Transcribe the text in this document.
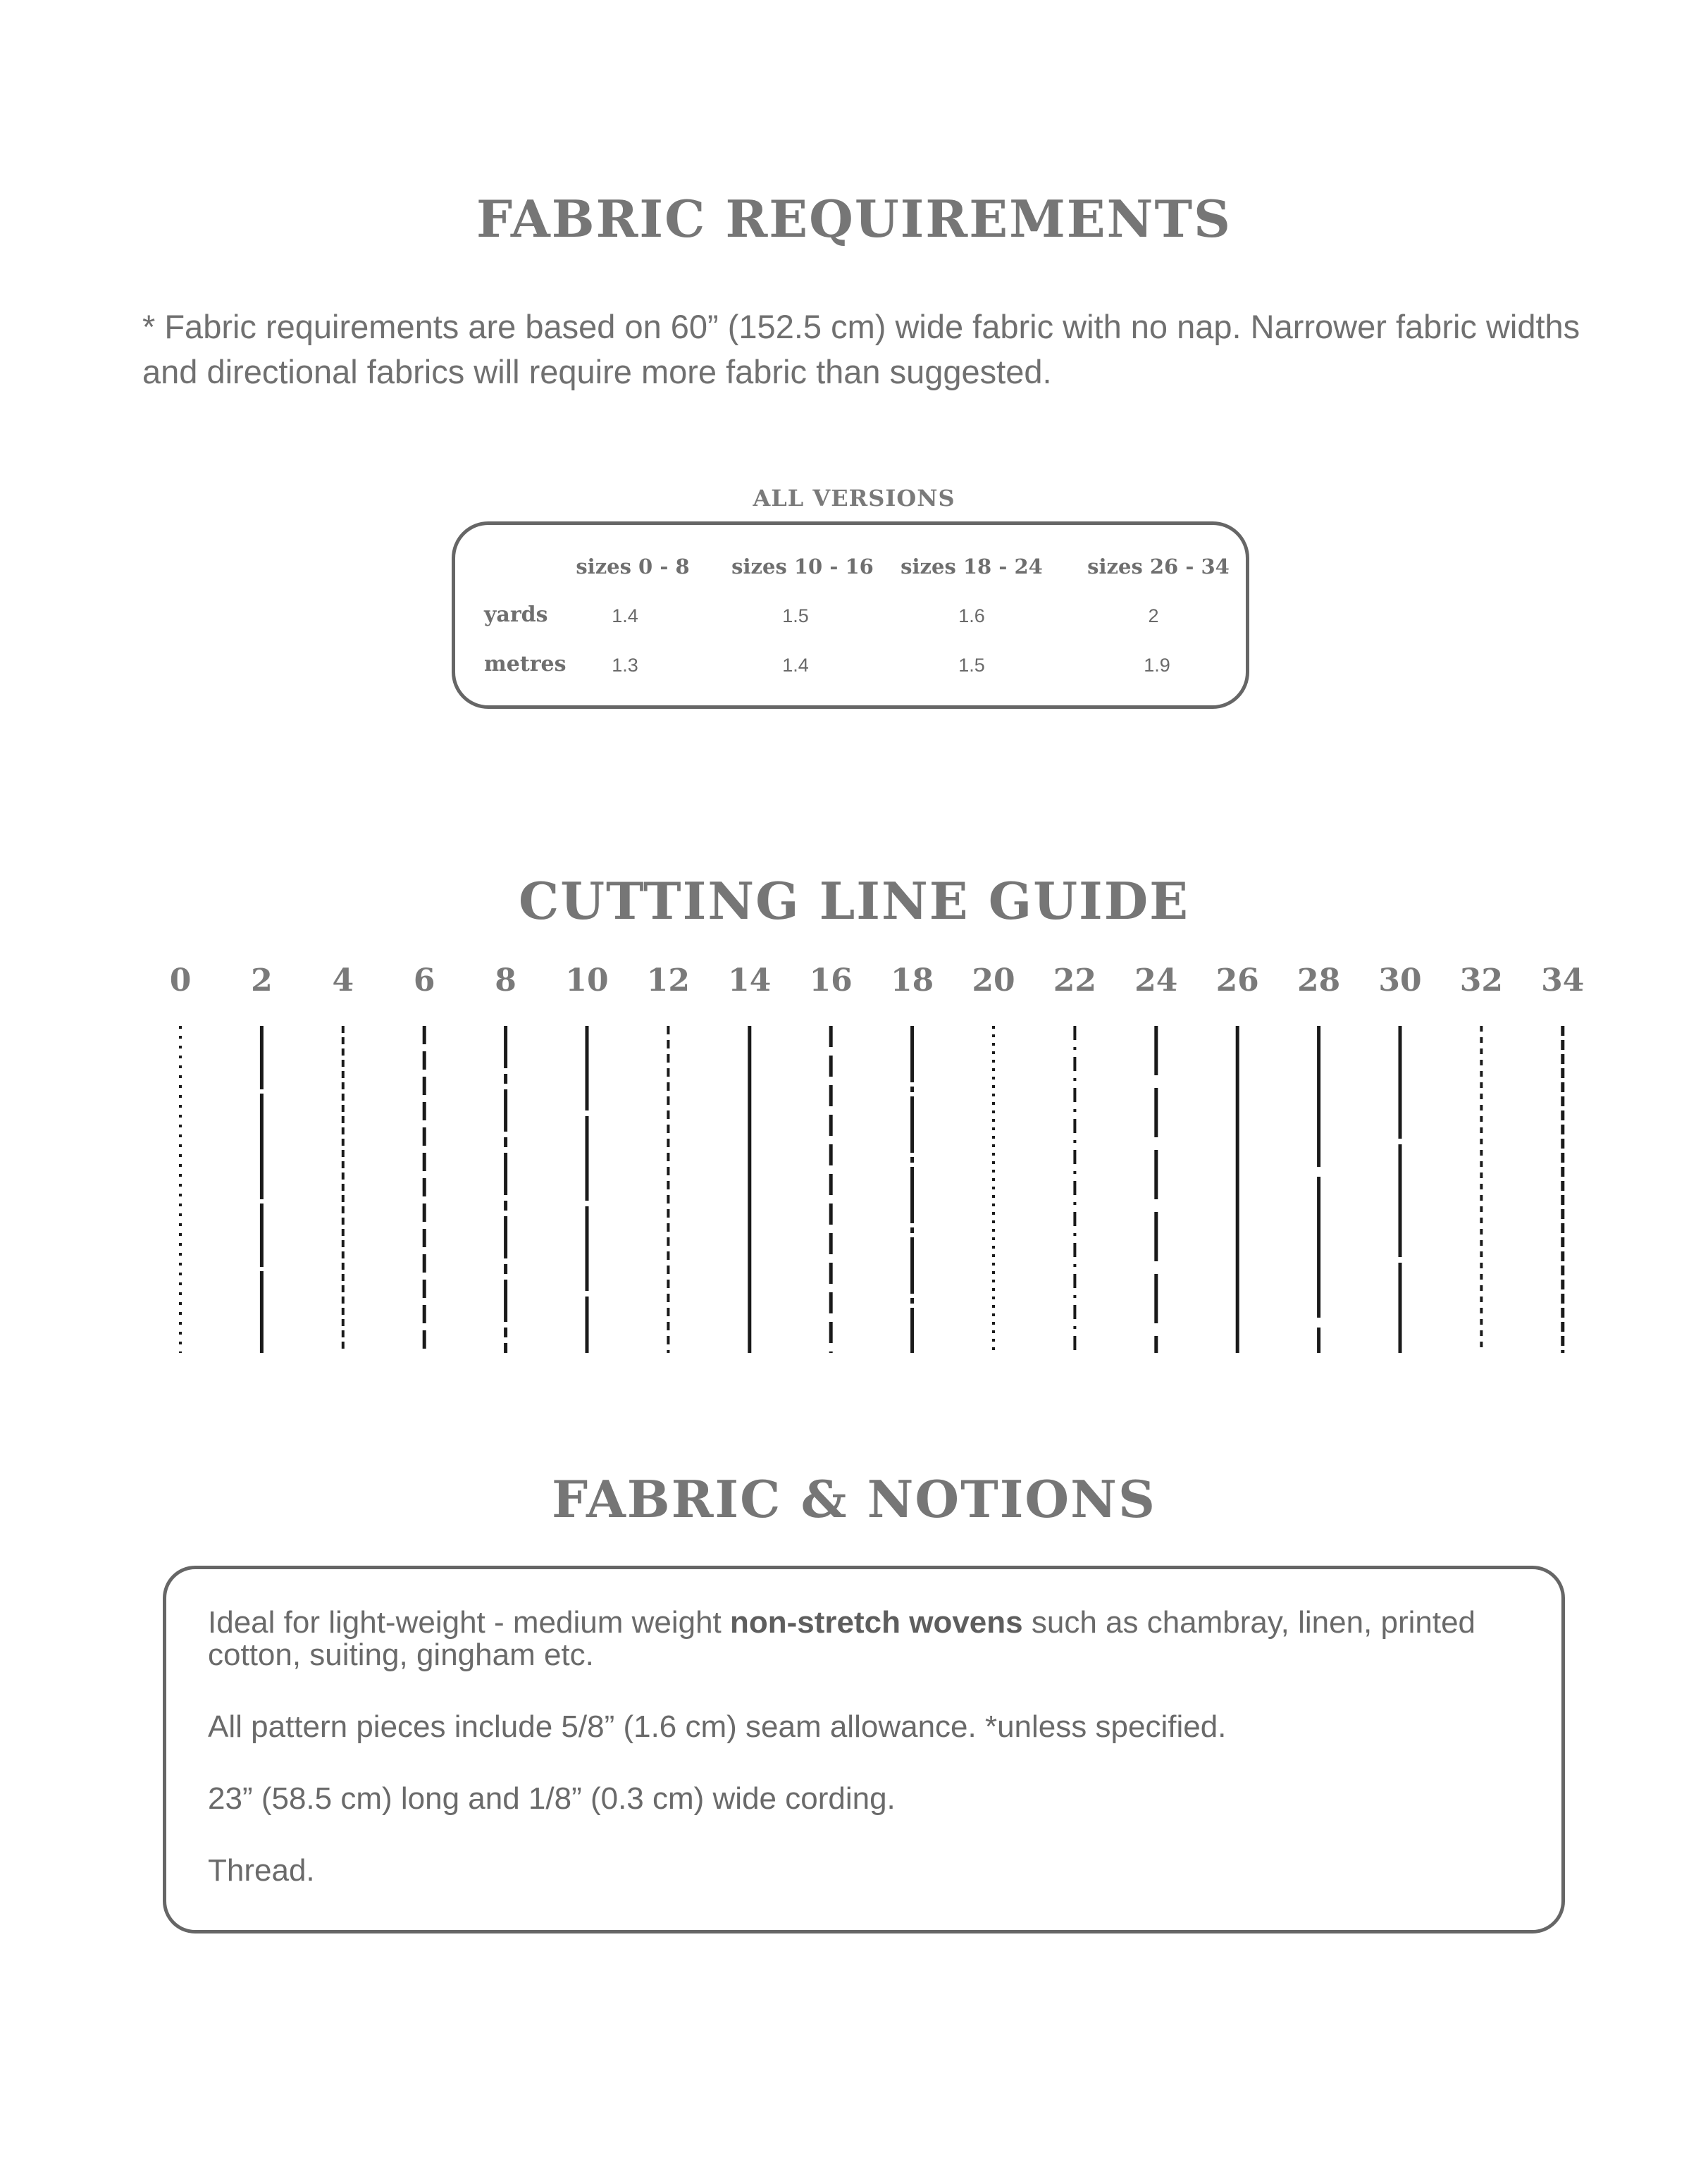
FABRIC REQUIREMENTS
* Fabric requirements are based on 60” (152.5 cm) wide fabric with no nap. Narrower fabric widths and directional fabrics will require more fabric than suggested.
ALL VERSIONS
sizes 0 - 8 sizes 10 - 16 sizes 18 - 24 sizes 26 - 34
yards	1.4	1.5	1.6	2
metres 1.3	1.4	1.5	1.9
CUTTING LINE GUIDE
0 2 4 6 8 10 12 14 16 18 20 22 24 26 28 30 32 34
FABRIC & NOTIONS
Ideal for light-weight - medium weight non-stretch wovens such as chambray, linen, printed cotton, suiting, gingham etc.
All pattern pieces include 5/8” (1.6 cm) seam allowance. *unless specified.
23” (58.5 cm) long and 1/8” (0.3 cm) wide cording.
Thread.
